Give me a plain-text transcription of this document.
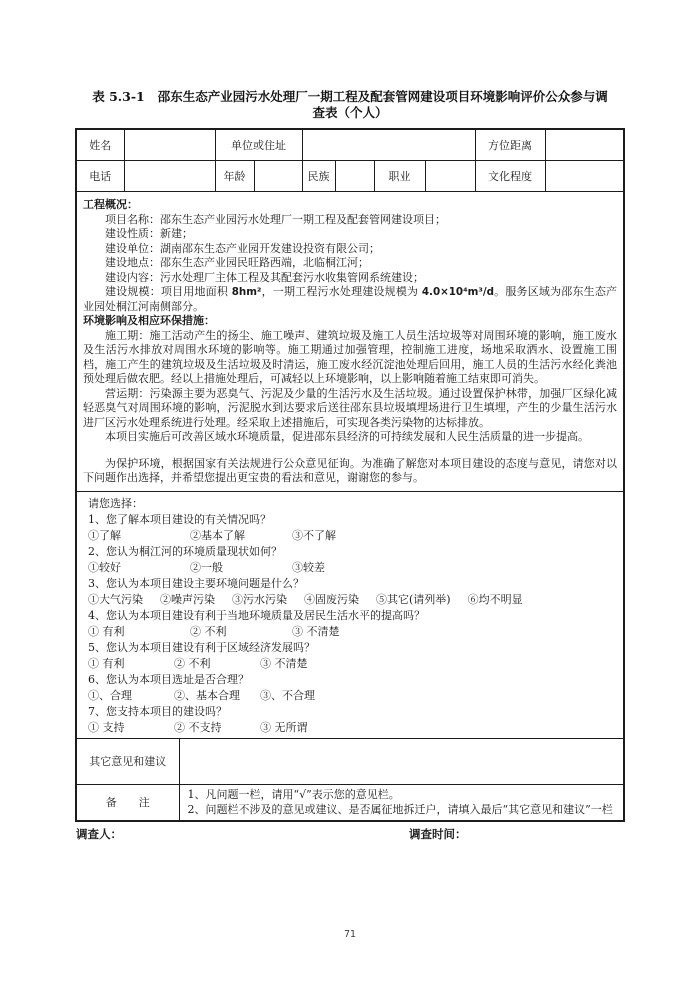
表 5.3-1 邵东生态产业园污水处理厂一期工程及配套管网建设项目环境影响评价公众参与调
查表（个人）
姓名			单位或住址						方位距离	
电话			年龄		民族		职业		文化程度	

工程概况：

项目名称：邵东生态产业园污水处理厂一期工程及配套管网建设项目；

建设性质：新建；

建设单位：湖南邵东生态产业园开发建设投资有限公司；

建设地点：邵东生态产业园民旺路西端，北临桐江河；

建设内容：污水处理厂主体工程及其配套污水收集管网系统建设；

建设规模：项目用地面积 8hm²，一期工程污水处理建设规模为 4.0×10⁴m³/d。服务区域为邵东生态产业园处桐江河南侧部分。

环境影响及相应环保措施：

施工期：施工活动产生的扬尘、施工噪声、建筑垃圾及施工人员生活垃圾等对周围环境的影响，施工废水及生活污水排放对周围水环境的影响等。施工期通过加强管理，控制施工进度，场地采取洒水、设置施工围档，施工产生的建筑垃圾及生活垃圾及时清运，施工废水经沉淀池处理后回用，施工人员的生活污水经化粪池预处理后做农肥。经以上措施处理后，可减轻以上环境影响，以上影响随着施工结束即可消失。

营运期：污染源主要为恶臭气、污泥及少量的生活污水及生活垃圾。通过设置保护林带，加强厂区绿化减轻恶臭气对周围环境的影响，污泥脱水到达要求后送往邵东县垃圾填埋场进行卫生填埋，产生的少量生活污水进厂区污水处理系统进行处理。经采取上述措施后，可实现各类污染物的达标排放。

本项目实施后可改善区域水环境质量，促进邵东县经济的可持续发展和人民生活质量的进一步提高。

为保护环境，根据国家有关法规进行公众意见征询。为准确了解您对本项目建设的态度与意见，请您对以下问题作出选择，并希望您提出更宝贵的看法和意见，谢谢您的参与。

请您选择：
1、您了解本项目建设的有关情况吗？
①了解	②基本了解	③不了解
2、您认为桐江河的环境质量现状如何？
①较好	②一般	③较差
3、您认为本项目建设主要环境问题是什么？
①大气污染 ②噪声污染 ③污水污染 ④固废污染 ⑤其它(请列举) ⑥均不明显
4、您认为本项目建设有利于当地环境质量及居民生活水平的提高吗？
① 有利	② 不利	③ 不清楚
5、您认为本项目建设有利于区域经济发展吗？
① 有利	② 不利	③ 不清楚
6、您认为本项目选址是否合理？
①、合理	②、基本合理 ③、不合理
7、您支持本项目的建设吗？
① 支持	② 不支持	③ 无所谓

其它意见和建议										
备　　注		1、凡问题一栏，请用“√”表示您的意见栏。
2、问题栏不涉及的意见或建议、是否属征地拆迁户，请填入最后“其它意见和建议”一栏								
调查人：	调查时间：
71
